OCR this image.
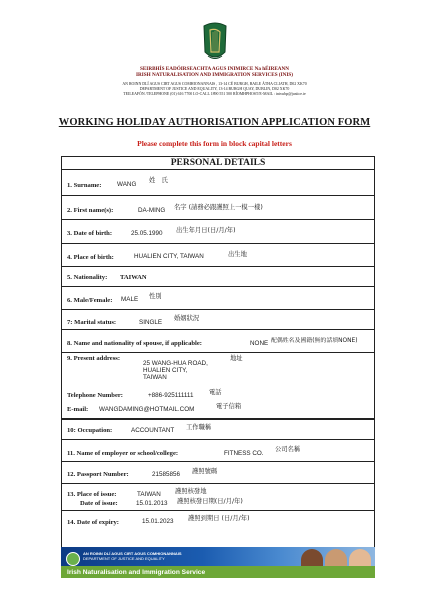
SEIRBHÍS EADÓIRSEACHTA AGUS INIMIRCE Na hÉIREANN
IRISH NATURALISATION AND IMMIGRATION SERVICES (INIS)
AN ROINN DLÍ AGUS CIRT AGUS COMHIONANNAIS , 13-14 CÉ BURGH, BAILE ÁTHA CLIATH, D02 XK70
DEPARTMENT OF JUSTICE AND EQUALITY, 13-14 BURGH QUAY, DUBLIN, D02 XK70
TEILEAFÓN /TELEPHONE (01) 616 7700 LO-CALL 1890 551 500 RÍOMHPHOST/E-MAIL : iniswhp@justice.ie
WORKING HOLIDAY AUTHORISATION APPLICATION FORM
Please complete this form in block capital letters
PERSONAL DETAILS
1. Surname: WANG
姓　氏
2. First name(s):	DA-MING 名字 (請務必跟護照上一模一樣)
3. Date of birth:	25.05.1990 出生年月日(日/月/年)
4. Place of birth:	HUALIEN CITY, TAIWAN	出生地
5. Nationality: TAIWAN
6. Male/Female: MALE 性別
7: Marital status:	SINGLE
婚姻狀況
8. Name and nationality of spouse, if applicable:	NONE 配偶姓名及國籍(無的話填NONE)
9. Present address:
25 WANG-HUA ROAD,
HUALIEN CITY,
TAIWAN
地址
Telephone Number:	+886-925111111 電話
E-mail: WANGDAMING@HOTMAIL.COM	電子信箱
10: Occupation:	ACCOUNTANT 工作職稱
11. Name of employer or school/college:	FITNESS CO.
公司名稱
12. Passport Number:	21585856 護照號碼
13. Place of issue:	TAIWAN 護照核發地
Date of issue:	15.01.2013 護照核發日期(日/月/年)
14. Date of expiry:	15.01.2023 護照到期日 (日/月/年)
AN ROINN DLÍ AGUS CIRT AGUS COMHIONANNAIS
DEPARTMENT OF JUSTICE AND EQUALITY
Irish Naturalisation and Immigration Service
